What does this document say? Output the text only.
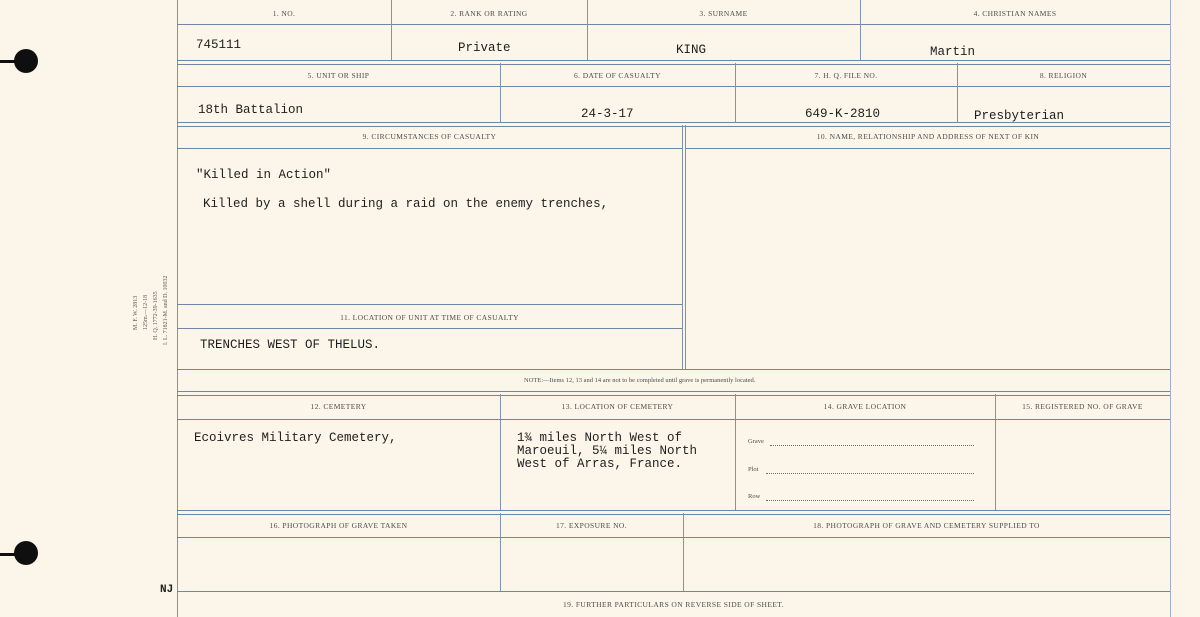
M. F. W. 2813 125m.—12-18 H. Q. 1772-39-1635 I. L. 71821-M. and D. 10032
NJ
1. NO.	2. RANK OR RATING	3. SURNAME	4. CHRISTIAN NAMES
745111	Private	KING	Martin
5. UNIT OR SHIP	6. DATE OF CASUALTY	7. H. Q. FILE NO.	8. RELIGION
18th Battalion	24-3-17	649-K-2810	Presbyterian
9. CIRCUMSTANCES OF CASUALTY	10. NAME, RELATIONSHIP AND ADDRESS OF NEXT OF KIN
"Killed in Action"
Killed by a shell during a raid on the enemy trenches,
11. LOCATION OF UNIT AT TIME OF CASUALTY
TRENCHES WEST OF THELUS.
NOTE:—Items 12, 13 and 14 are not to be completed until grave is permanently located.
12. CEMETERY	13. LOCATION OF CEMETERY	14. GRAVE LOCATION	15. REGISTERED NO. OF GRAVE
Ecoivres Military Cemetery,	1¾ miles North West of
Maroeuil, 5¼ miles North
West of Arras, France.
Grave
Plot
Row
16. PHOTOGRAPH OF GRAVE TAKEN	17. EXPOSURE NO.	18. PHOTOGRAPH OF GRAVE AND CEMETERY SUPPLIED TO
19. FURTHER PARTICULARS ON REVERSE SIDE OF SHEET.
